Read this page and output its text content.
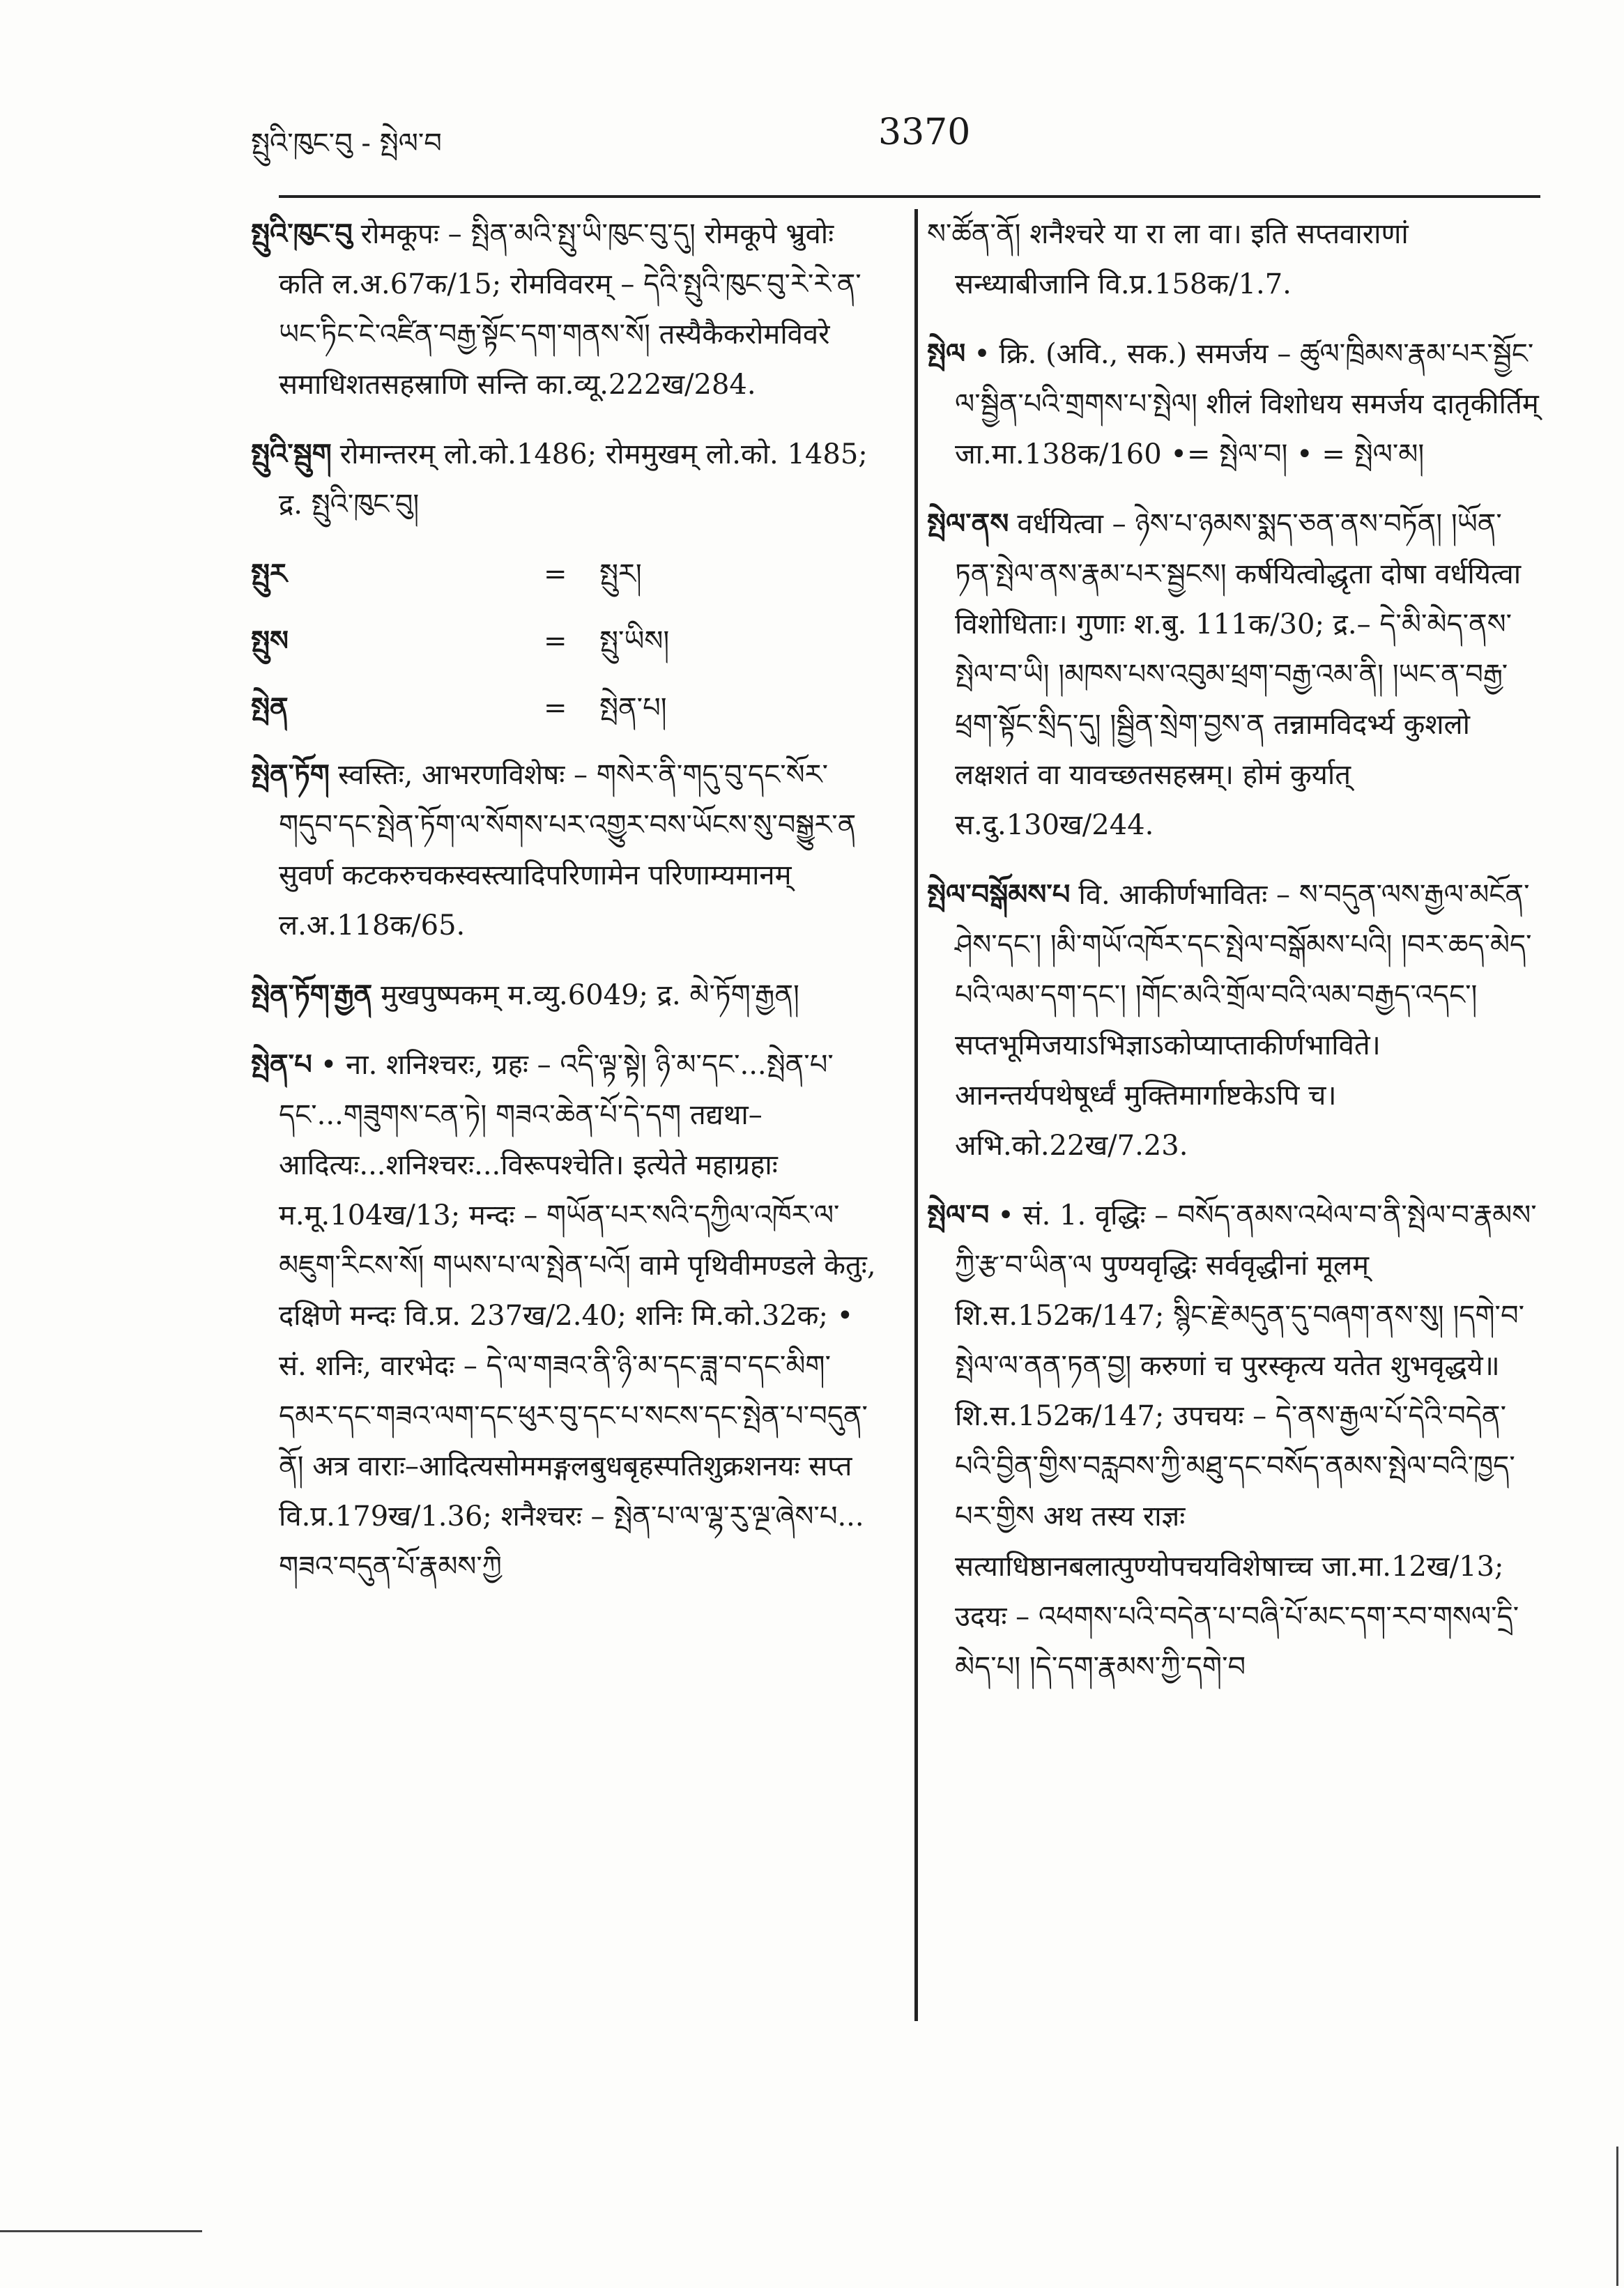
སྤུའི་ཁུང་བུ - སྤེལ་བ	3370
སྤུའི་ཁུང་བུ रोमकूपः – སྤིན་མའི་སྤུ་ཡི་ཁུང་བུ་དུ། रोमकूपे भ्रुवोः कति ल.अ.67क/15; रोमविवरम् – དེའི་སྤུའི་ཁུང་བུ་རེ་རེ་ན་ཡང་ཏིང་ངེ་འཛིན་བརྒྱ་སྟོང་དག་གནས་སོ། तस्यैकैकरोमविवरे समाधिशतसहस्राणि सन्ति का.व्यू.222ख/284.
སྤུའི་སྦུག रोमान्तरम् लो.को.1486; रोममुखम् लो.को. 1485; द्र. སྤུའི་ཁུང་བུ།
སྤུར	=	སྤུར།
སྤུས	=	སྤུ་ཡིས།
སྤེན	=	སྤེན་པ།
སྤེན་ཏོག स्वस्तिः, आभरणविशेषः – གསེར་ནི་གདུ་བུ་དང་སོར་གདུབ་དང་སྤེན་ཏོག་ལ་སོགས་པར་འགྱུར་བས་ཡོངས་སུ་བསྒྱུར་ན सुवर्ण कटकरुचकस्वस्त्यादिपरिणामेन परिणाम्यमानम् ल.अ.118क/65.
སྤེན་ཏོག་རྒྱན मुखपुष्पकम् म.व्यु.6049; द्र. མེ་ཏོག་རྒྱན།
སྤེན་པ • ना. शनिश्चरः, ग्रहः – འདི་ལྟ་སྟེ། ཉི་མ་དང་...སྤེན་པ་དང་...གཟུགས་ངན་ཏེ། གཟའ་ཆེན་པོ་དེ་དག तद्यथा–आदित्यः...शनिश्चरः...विरूपश्चेति। इत्येते महाग्रहाः म.मू.104ख/13; मन्दः – གཡོན་པར་སའི་དཀྱིལ་འཁོར་ལ་མཇུག་རིངས་སོ། གཡས་པ་ལ་སྤེན་པའོ། वामे पृथिवीमण्डले केतुः, दक्षिणे मन्दः वि.प्र. 237ख/2.40; शनिः मि.को.32क; • सं. शनिः, वारभेदः – དེ་ལ་གཟའ་ནི་ཉི་མ་དང་ཟླ་བ་དང་མིག་དམར་དང་གཟའ་ལག་དང་ཕུར་བུ་དང་པ་སངས་དང་སྤེན་པ་བདུན་ནོ། अत्र वाराः–आदित्यसोममङ्गलबुधबृहस्पतिशुक्रशनयः सप्त वि.प्र.179ख/1.36; शनैश्चरः – སྤེན་པ་ལ་ལྷ་རུ་ལྔ་ཞེས་པ... གཟའ་བདུན་པོ་རྣམས་ཀྱི
ས་ཚོན་ནོ། शनैश्चरे या रा ला वा। इति सप्तवाराणां सन्ध्याबीजानि वि.प्र.158क/1.7.
སྤེལ • क्रि. (अवि., सक.) समर्जय – ཚུལ་ཁྲིམས་རྣམ་པར་སྦྱོང་ལ་སྦྱིན་པའི་གྲགས་པ་སྤེལ། शीलं विशोधय समर्जय दातृकीर्तिम् जा.मा.138क/160 •= སྤེལ་བ། • = སྤེལ་མ།
སྤེལ་ནས वर्धयित्वा – ཉེས་པ་ཉམས་སྨད་ཅན་ནས་བཏོན། །ཡོན་ཏན་སྤེལ་ནས་རྣམ་པར་སྦྱངས། कर्षयित्वोद्धृता दोषा वर्धयित्वा विशोधिताः। गुणाः श.बु. 111क/30; द्र.– དེ་མི་མེད་ནས་སྤེལ་བ་ཡི། །མཁས་པས་འབུམ་ཕྲག་བརྒྱ་འམ་ནི། །ཡང་ན་བརྒྱ་ཕྲག་སྟོང་སྲིད་དུ། །སྦྱིན་སྲེག་བྱས་ན तन्नामविदर्भ्य कुशलो लक्षशतं वा यावच्छतसहस्रम्। होमं कुर्यात् स.दु.130ख/244.
སྤེལ་བསྒོམས་པ वि. आकीर्णभावितः – ས་བདུན་ལས་རྒྱལ་མངོན་ཤེས་དང་། །མི་གཡོ་འཁོར་དང་སྤེལ་བསྒོམས་པའི། །བར་ཆད་མེད་པའི་ལམ་དག་དང་། །གོང་མའི་གྲོལ་བའི་ལམ་བརྒྱད་འདང་། सप्तभूमिजयाऽभिज्ञाऽकोप्याप्ताकीर्णभाविते। आनन्तर्यपथेषूर्ध्वं मुक्तिमार्गाष्टकेऽपि च। अभि.को.22ख/7.23.
སྤེལ་བ • सं. 1. वृद्धिः – བསོད་ནམས་འཕེལ་བ་ནི་སྤེལ་བ་རྣམས་ཀྱི་རྩ་བ་ཡིན་ལ पुण्यवृद्धिः सर्ववृद्धीनां मूलम् शि.स.152क/147; སྙིང་རྗེ་མདུན་དུ་བཞག་ནས་སུ། །དགེ་བ་སྤེལ་ལ་ནན་ཏན་བྱ། करुणां च पुरस्कृत्य यतेत शुभवृद्धये॥ शि.स.152क/147; उपचयः – དེ་ནས་རྒྱལ་པོ་དེའི་བདེན་པའི་བྱིན་གྱིས་བརླབས་ཀྱི་མཐུ་དང་བསོད་ནམས་སྤེལ་བའི་ཁྱད་པར་གྱིས अथ तस्य राज्ञः सत्याधिष्ठानबलात्पुण्योपचयविशेषाच्च जा.मा.12ख/13; उदयः – འཕགས་པའི་བདེན་པ་བཞི་པོ་མང་དག་རབ་གསལ་དྲི་མེད་པ། །དེ་དག་རྣམས་ཀྱི་དགེ་བ
